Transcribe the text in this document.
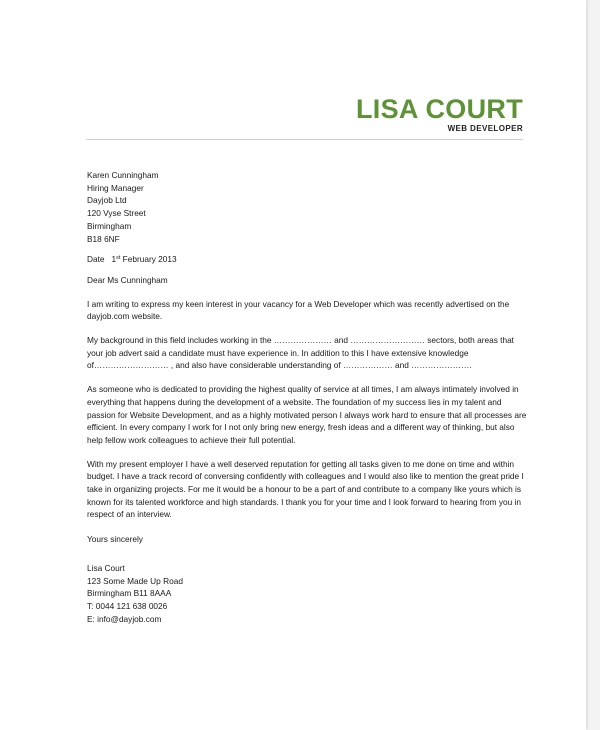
LISA COURT
WEB DEVELOPER
Karen Cunningham
Hiring Manager
Dayjob Ltd
120 Vyse Street
Birmingham
B18 6NF
Date 1st February 2013
Dear Ms Cunningham

I am writing to express my keen interest in your vacancy for a Web Developer which was recently advertised on the dayjob.com website.

My background in this field includes working in the ………………… and ……………………… sectors, both areas that your job advert said a candidate must have experience in. In addition to this I have extensive knowledge of……………………… , and also have considerable understanding of ……………… and ………………….

As someone who is dedicated to providing the highest quality of service at all times, I am always intimately involved in everything that happens during the development of a website. The foundation of my success lies in my talent and passion for Website Development, and as a highly motivated person I always work hard to ensure that all processes are efficient. In every company I work for I not only bring new energy, fresh ideas and a different way of thinking, but also help fellow work colleagues to achieve their full potential.

With my present employer I have a well deserved reputation for getting all tasks given to me done on time and within budget. I have a track record of conversing confidently with colleagues and I would also like to mention the great pride I take in organizing projects. For me it would be a honour to be a part of and contribute to a company like yours which is known for its talented workforce and high standards. I thank you for your time and I look forward to hearing from you in respect of an interview.

Yours sincerely
Lisa Court
123 Some Made Up Road
Birmingham B11 8AAA
T: 0044 121 638 0026
E: info@dayjob.com
